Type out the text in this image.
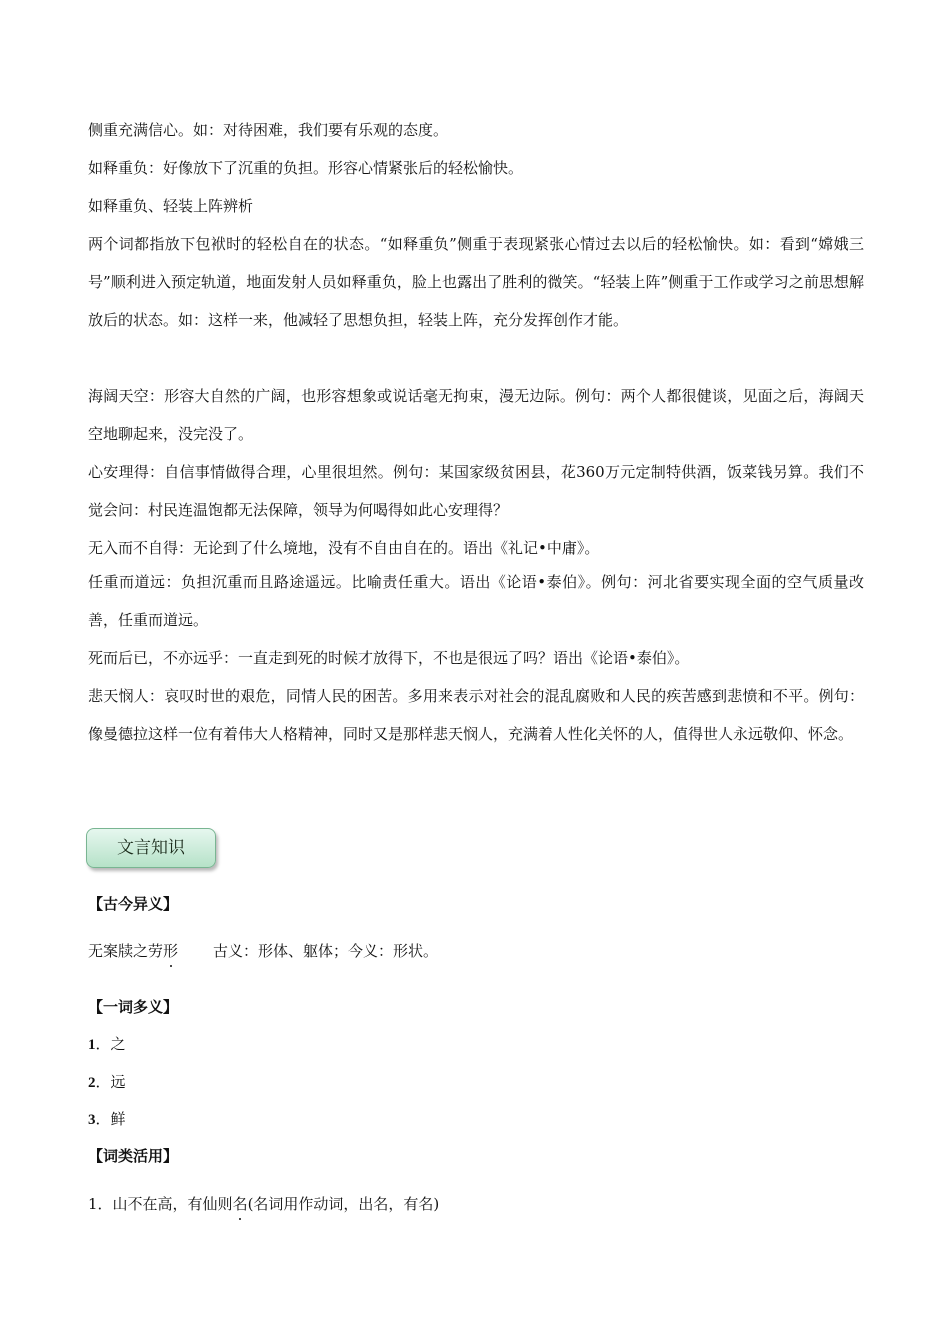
侧重充满信心。如：对待困难，我们要有乐观的态度。

如释重负：好像放下了沉重的负担。形容心情紧张后的轻松愉快。

如释重负、轻装上阵辨析

两个词都指放下包袱时的轻松自在的状态。“如释重负”侧重于表现紧张心情过去以后的轻松愉快。如：看到“嫦娥三号”顺利进入预定轨道，地面发射人员如释重负，脸上也露出了胜利的微笑。“轻装上阵”侧重于工作或学习之前思想解放后的状态。如：这样一来，他减轻了思想负担，轻装上阵，充分发挥创作才能。

海阔天空：形容大自然的广阔，也形容想象或说话毫无拘束，漫无边际。例句：两个人都很健谈，见面之后，海阔天空地聊起来，没完没了。

心安理得：自信事情做得合理，心里很坦然。例句：某国家级贫困县，花360万元定制特供酒，饭菜钱另算。我们不觉会问：村民连温饱都无法保障，领导为何喝得如此心安理得？

无入而不自得：无论到了什么境地，没有不自由自在的。语出《礼记•中庸》。

任重而道远：负担沉重而且路途遥远。比喻责任重大。语出《论语•泰伯》。例句：河北省要实现全面的空气质量改善，任重而道远。

死而后已，不亦远乎：一直走到死的时候才放得下，不也是很远了吗？语出《论语•泰伯》。

悲天悯人：哀叹时世的艰危，同情人民的困苦。多用来表示对社会的混乱腐败和人民的疾苦感到悲愤和不平。例句：像曼德拉这样一位有着伟大人格精神，同时又是那样悲天悯人，充满着人性化关怀的人，值得世人永远敬仰、怀念。

文言知识
【古今异义】
无案牍之劳形 古义：形体、躯体；今义：形状。
【一词多义】
1．之
2．远
3．鲜
【词类活用】
1．山不在高，有仙则名(名词用作动词，出名，有名)
